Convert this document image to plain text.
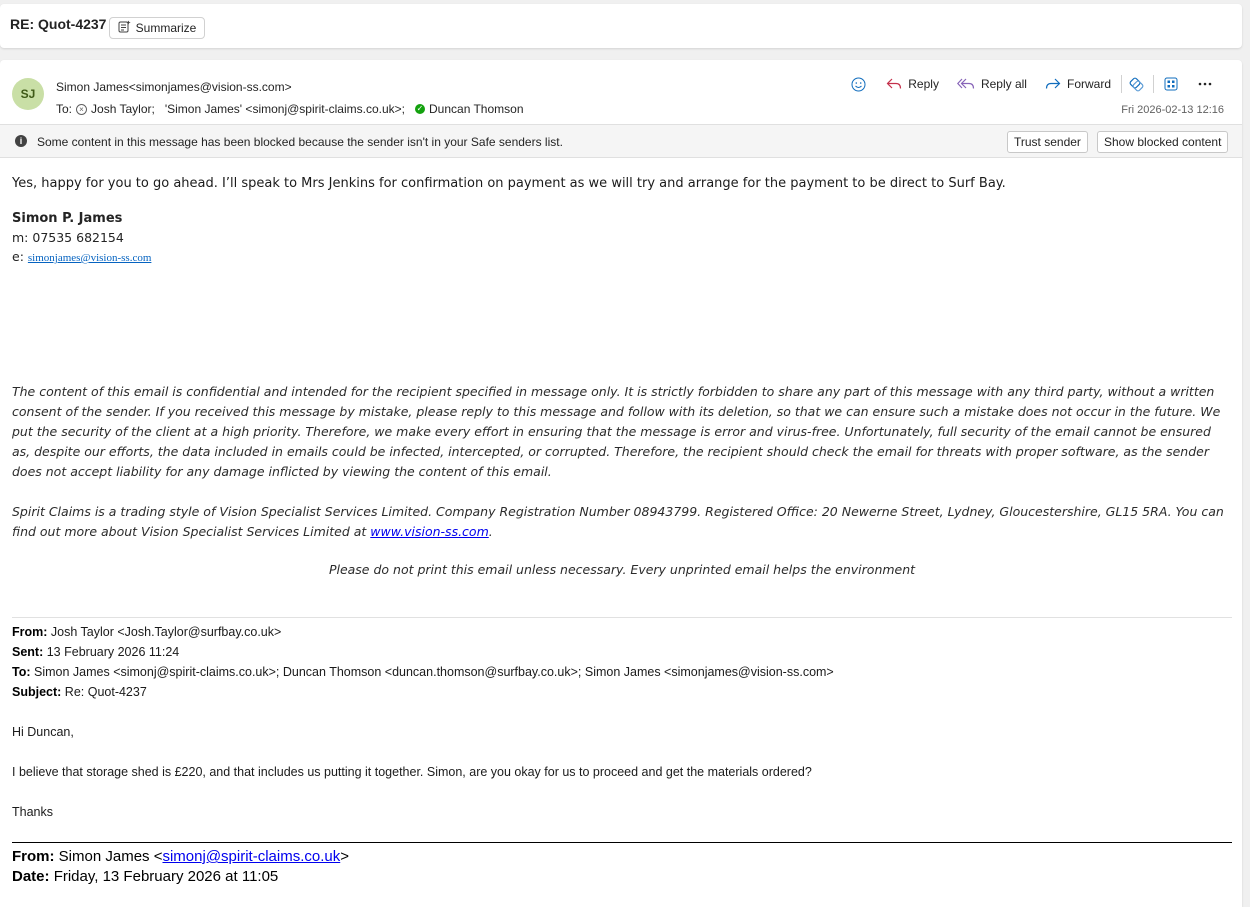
RE: Quot-4237 Summarize
SJ	Simon James<simonjames@vision-ss.com>
To: × Josh Taylor; 'Simon James' <simonj@spirit-claims.co.uk>; ✓ Duncan Thomson
Reply	Reply all	Forward
Fri 2026-02-13 12:16
i	Some content in this message has been blocked because the sender isn't in your Safe senders list.	Trust sender	Show blocked content

Yes, happy for you to go ahead. I’ll speak to Mrs Jenkins for confirmation on payment as we will try and arrange for the payment to be direct to Surf Bay.

Simon P. James
m: 07535 682154
e: simonjames@vision-ss.com

The content of this email is confidential and intended for the recipient specified in message only. It is strictly forbidden to share any part of this message with any third party, without a written consent of the sender. If you received this message by mistake, please reply to this message and follow with its deletion, so that we can ensure such a mistake does not occur in the future. We put the security of the client at a high priority. Therefore, we make every effort in ensuring that the message is error and virus-free. Unfortunately, full security of the email cannot be ensured as, despite our efforts, the data included in emails could be infected, intercepted, or corrupted. Therefore, the recipient should check the email for threats with proper software, as the sender does not accept liability for any damage inflicted by viewing the content of this email.

Spirit Claims is a trading style of Vision Specialist Services Limited. Company Registration Number 08943799. Registered Office: 20 Newerne Street, Lydney, Gloucestershire, GL15 5RA. You can find out more about Vision Specialist Services Limited at www.vision-ss.com.

Please do not print this email unless necessary. Every unprinted email helps the environment
From: Josh Taylor <Josh.Taylor@surfbay.co.uk>
Sent: 13 February 2026 11:24
To: Simon James <simonj@spirit-claims.co.uk>; Duncan Thomson <duncan.thomson@surfbay.co.uk>; Simon James <simonjames@vision-ss.com>
Subject: Re: Quot-4237
Hi Duncan,
I believe that storage shed is £220, and that includes us putting it together. Simon, are you okay for us to proceed and get the materials ordered?
Thanks
From: Simon James <simonj@spirit-claims.co.uk>
Date: Friday, 13 February 2026 at 11:05
